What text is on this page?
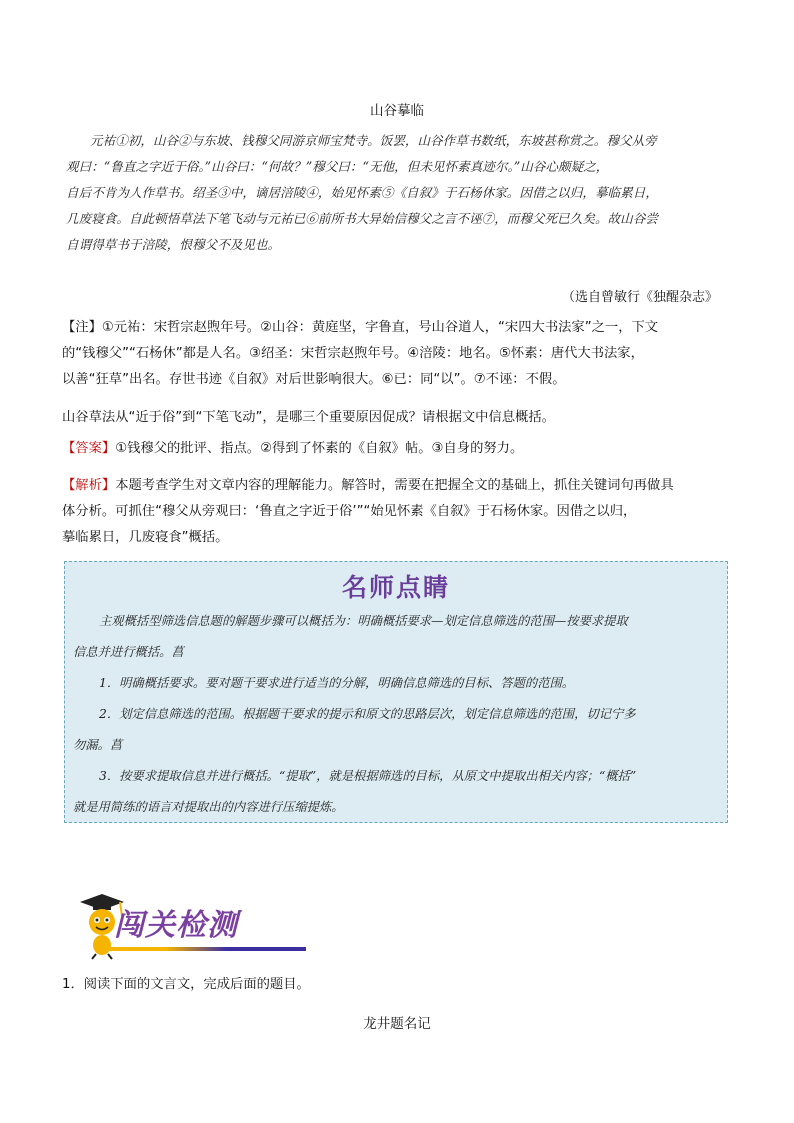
山谷摹临

元祐①初，山谷②与东坡、钱穆父同游京师宝梵寺。饭罢，山谷作草书数纸，东坡甚称赏之。穆父从旁

观曰：“鲁直之字近于俗。”山谷曰：“何故？”穆父曰：“无他，但未见怀素真迹尔。”山谷心颇疑之，

自后不肯为人作草书。绍圣③中，谪居涪陵④，始见怀素⑤《自叙》于石杨休家。因借之以归，摹临累日，

几废寝食。自此顿悟草法下笔飞动与元祐已⑥前所书大异始信穆父之言不诬⑦，而穆父死已久矣。故山谷尝

自谓得草书于涪陵，恨穆父不及见也。

（选自曾敏行《独醒杂志》

【注】①元祐：宋哲宗赵煦年号。②山谷：黄庭坚，字鲁直，号山谷道人，“宋四大书法家”之一，下文

的“钱穆父”“石杨休”都是人名。③绍圣：宋哲宗赵煦年号。④涪陵：地名。⑤怀素：唐代大书法家，

以善“狂草”出名。存世书迹《自叙》对后世影响很大。⑥已：同“以”。⑦不诬：不假。

山谷草法从“近于俗”到“下笔飞动”，是哪三个重要原因促成？请根据文中信息概括。

【答案】①钱穆父的批评、指点。②得到了怀素的《自叙》帖。③自身的努力。

【解析】本题考查学生对文章内容的理解能力。解答时，需要在把握全文的基础上，抓住关键词句再做具

体分析。可抓住“穆父从旁观曰：‘鲁直之字近于俗’”“始见怀素《自叙》于石杨休家。因借之以归，

摹临累日，几废寝食”概括。

名师点睛

主观概括型筛选信息题的解题步骤可以概括为：明确概括要求—划定信息筛选的范围—按要求提取

信息并进行概括。菖

1．明确概括要求。要对题干要求进行适当的分解，明确信息筛选的目标、答题的范围。

2．划定信息筛选的范围。根据题干要求的提示和原文的思路层次，划定信息筛选的范围，切记宁多

勿漏。菖

3．按要求提取信息并进行概括。“提取”，就是根据筛选的目标，从原文中提取出相关内容；“概括”

就是用简练的语言对提取出的内容进行压缩提炼。

闯关检测
1．阅读下面的文言文，完成后面的题目。
龙井题名记
